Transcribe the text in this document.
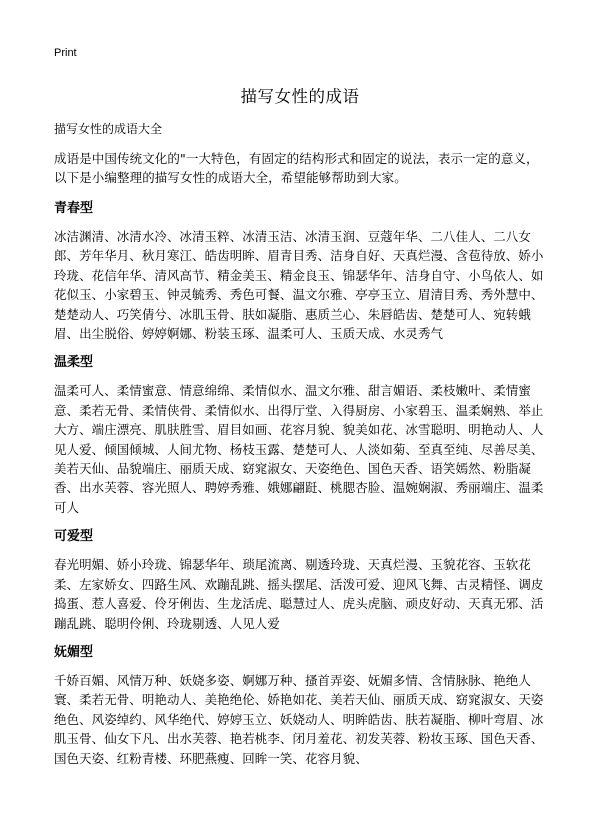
Print
描写女性的成语

描写女性的成语大全

成语是中国传统文化的"一大特色，有固定的结构形式和固定的说法，表示一定的意义，以下是小编整理的描写女性的成语大全，希望能够帮助到大家。

青春型

冰洁渊清、冰清水冷、冰清玉粹、冰清玉洁、冰清玉润、豆蔻年华、二八佳人、二八女郎、芳年华月、秋月寒江、皓齿明眸、眉青目秀、洁身自好、天真烂漫、含苞待放、娇小玲珑、花信年华、清风高节、精金美玉、精金良玉、锦瑟华年、洁身自守、小鸟依人、如花似玉、小家碧玉、钟灵毓秀、秀色可餐、温文尔雅、亭亭玉立、眉清目秀、秀外慧中、楚楚动人、巧笑倩兮、冰肌玉骨、肤如凝脂、惠质兰心、朱唇皓齿、楚楚可人、宛转蛾眉、出尘脱俗、婷婷婀娜、粉装玉琢、温柔可人、玉质天成、水灵秀气

温柔型

温柔可人、柔情蜜意、情意绵绵、柔情似水、温文尔雅、甜言媚语、柔枝嫩叶、柔情蜜意、柔若无骨、柔情侠骨、柔情似水、出得厅堂、入得厨房、小家碧玉、温柔娴熟、举止大方、端庄漂亮、肌肤胜雪、眉目如画、花容月貌、貌美如花、冰雪聪明、明艳动人、人见人爱、倾国倾城、人间尤物、杨枝玉露、楚楚可人、人淡如菊、至真至纯、尽善尽美、美若天仙、品貌端庄、丽质天成、窈窕淑女、天姿绝色、国色天香、语笑嫣然、粉脂凝香、出水芙蓉、容光照人、聘婷秀雅、娥娜翩跹、桃腮杏脸、温婉娴淑、秀丽端庄、温柔可人

可爱型

春光明媚、娇小玲珑、锦瑟华年、琐尾流离、剔透玲珑、天真烂漫、玉貌花容、玉软花柔、左家娇女、四路生风、欢蹦乱跳、摇头摆尾、活泼可爱、迎风飞舞、古灵精怪、调皮捣蛋、惹人喜爱、伶牙俐齿、生龙活虎、聪慧过人、虎头虎脑、顽皮好动、天真无邪、活蹦乱跳、聪明伶俐、玲珑剔透、人见人爱

妩媚型

千娇百媚、风情万种、妖娆多姿、婀娜万种、搔首弄姿、妩媚多情、含情脉脉、艳绝人寰、柔若无骨、明艳动人、美艳绝伦、娇艳如花、美若天仙、丽质天成、窈窕淑女、天姿绝色、风姿绰约、风华绝代、婷婷玉立、妖娆动人、明眸皓齿、肤若凝脂、柳叶弯眉、冰肌玉骨、仙女下凡、出水芙蓉、艳若桃李、闭月羞花、初发芙蓉、粉妆玉琢、国色天香、国色天姿、红粉青楼、环肥燕瘦、回眸一笑、花容月貌、
